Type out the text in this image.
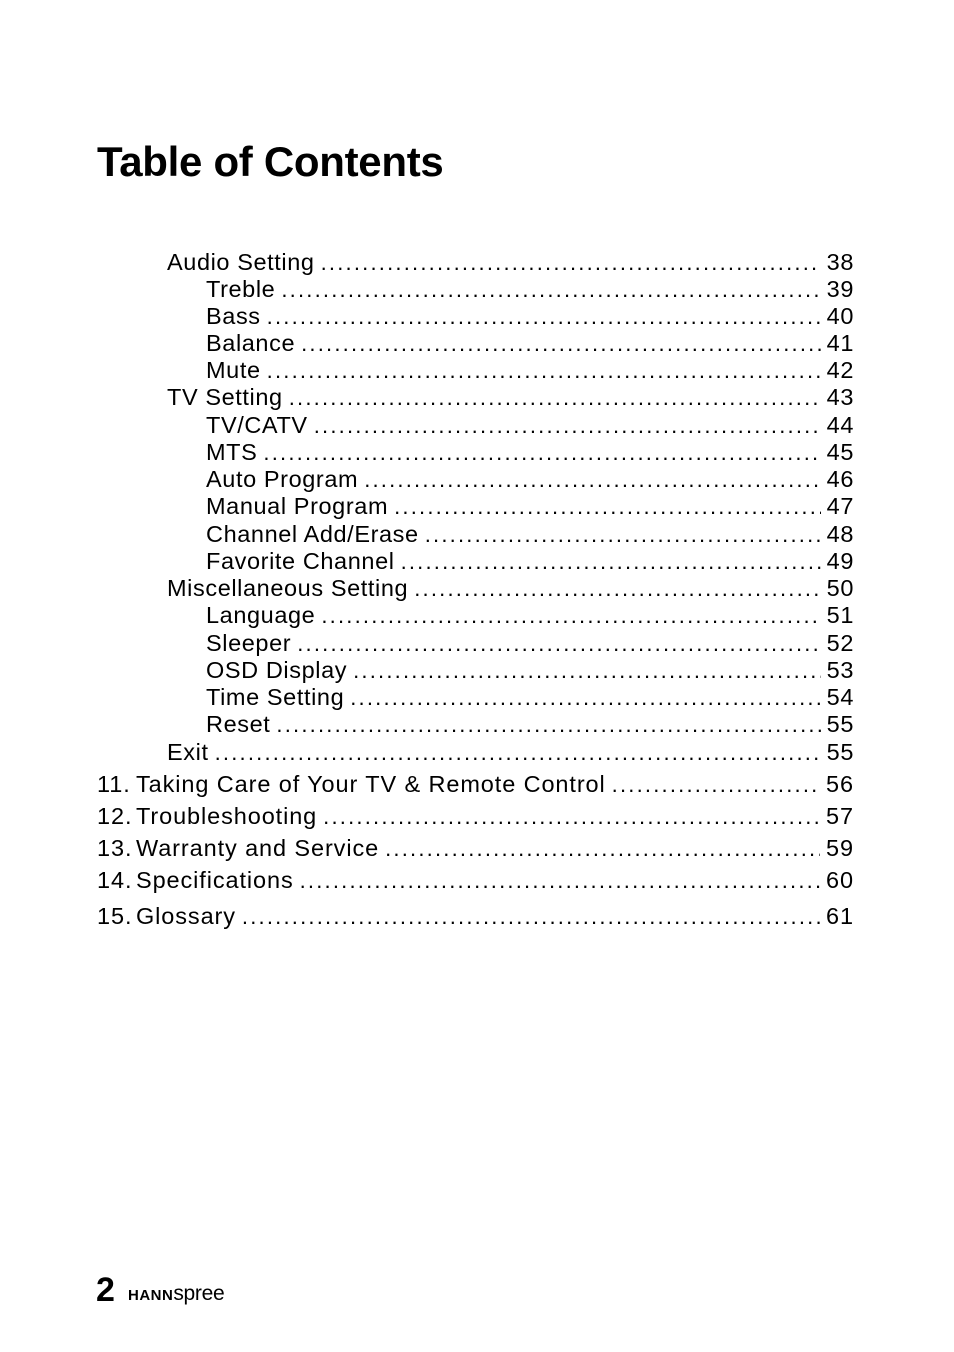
Table of Contents
Audio Setting .....	38
Treble .....	39
Bass .....	40
Balance .....	41
Mute .....	42
TV Setting .....	43
TV/CATV .....	44
MTS .....	45
Auto Program .....	46
Manual Program .....	47
Channel Add/Erase .....	48
Favorite Channel .....	49
Miscellaneous Setting .....	50
Language .....	51
Sleeper .....	52
OSD Display .....	53
Time Setting .....	54
Reset .....	55
Exit .....	55
11. Taking Care of Your TV & Remote Control .....	56
12. Troubleshooting .....	57
13. Warranty and Service .....	59
14. Specifications .....	60
15. Glossary .....	61
2 HANNspree
